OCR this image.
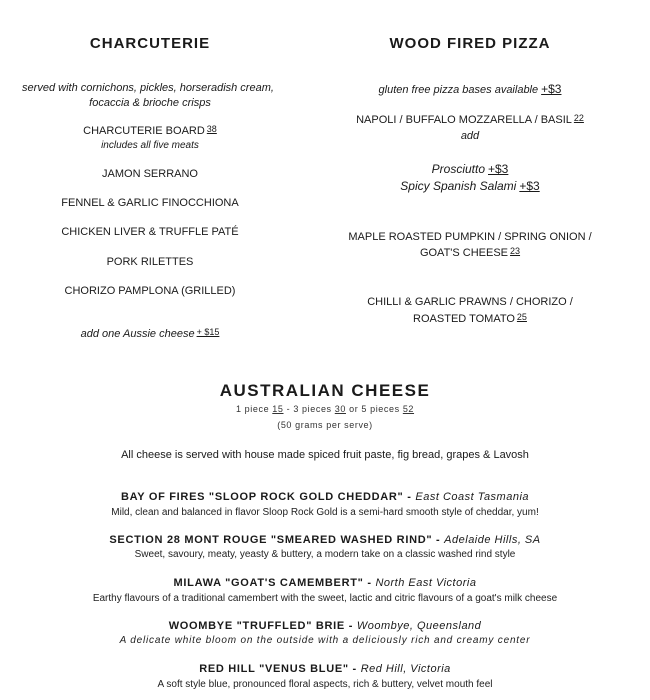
CHARCUTERIE
served with cornichons, pickles, horseradish cream,
focaccia & brioche crisps
CHARCUTERIE BOARD $^{38}$
includes all five meats
JAMON SERRANO
FENNEL & GARLIC FINOCCHIONA
CHICKEN LIVER & TRUFFLE PATÉ
PORK RILETTES
CHORIZO PAMPLONA (GRILLED)
add one Aussie cheese $^{+ \$15}$
WOOD FIRED PIZZA
gluten free pizza bases available +$3
NAPOLI / BUFFALO MOZZARELLA / BASIL $^{22}$
add
Prosciutto +$3
Spicy Spanish Salami +$3
MAPLE ROASTED PUMPKIN / SPRING ONION /
GOAT'S CHEESE $^{23}$
CHILLI & GARLIC PRAWNS / CHORIZO /
ROASTED TOMATO $^{25}$
AUSTRALIAN CHEESE
1 piece 15 - 3 pieces 30 or 5 pieces 52
(50 grams per serve)
All cheese is served with house made spiced fruit paste, fig bread, grapes & Lavosh
BAY OF FIRES "SLOOP ROCK GOLD CHEDDAR" - East Coast Tasmania
Mild, clean and balanced in flavor Sloop Rock Gold is a semi-hard smooth style of cheddar, yum!
SECTION 28 MONT ROUGE "SMEARED WASHED RIND" - Adelaide Hills, SA
Sweet, savoury, meaty, yeasty & buttery, a modern take on a classic washed rind style
MILAWA "GOAT'S CAMEMBERT" - North East Victoria
Earthy flavours of a traditional camembert with the sweet, lactic and citric flavours of a goat's milk cheese
WOOMBYE "TRUFFLED" BRIE - Woombye, Queensland
A delicate white bloom on the outside with a deliciously rich and creamy center
RED HILL "VENUS BLUE" - Red Hill, Victoria
A soft style blue, pronounced floral aspects, rich & buttery, velvet mouth feel
